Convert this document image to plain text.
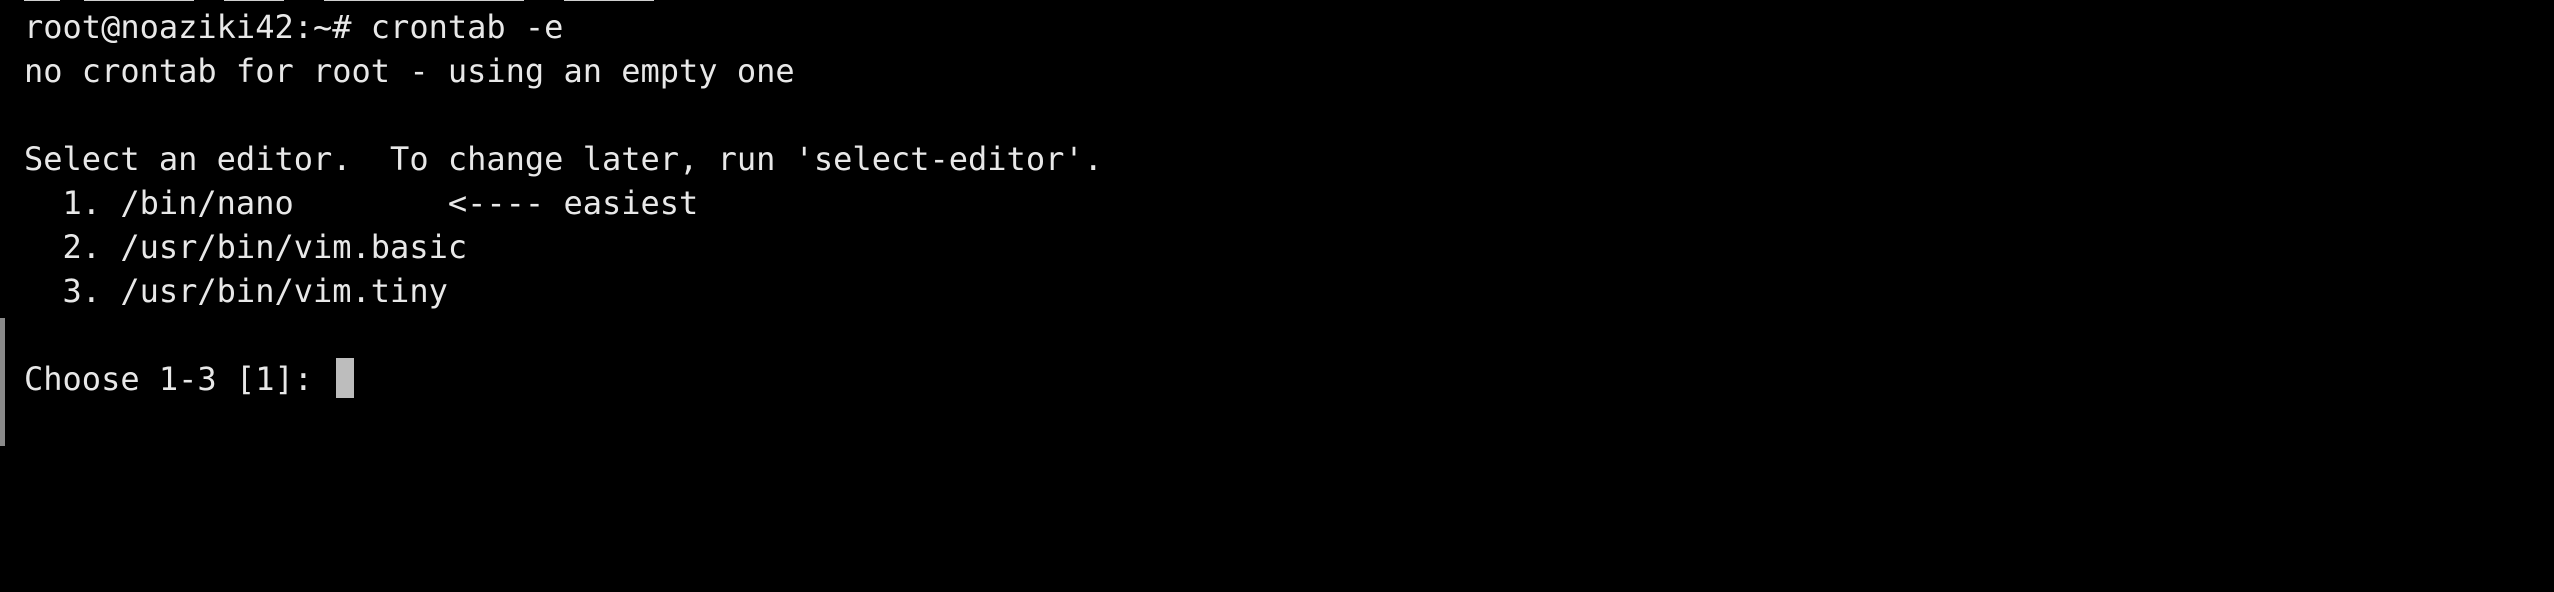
root@noaziki42:~# crontab -e
no crontab for root - using an empty one
Select an editor.  To change later, run 'select-editor'.
1. /bin/nano        <---- easiest
2. /usr/bin/vim.basic
3. /usr/bin/vim.tiny
Choose 1-3 [1]:
